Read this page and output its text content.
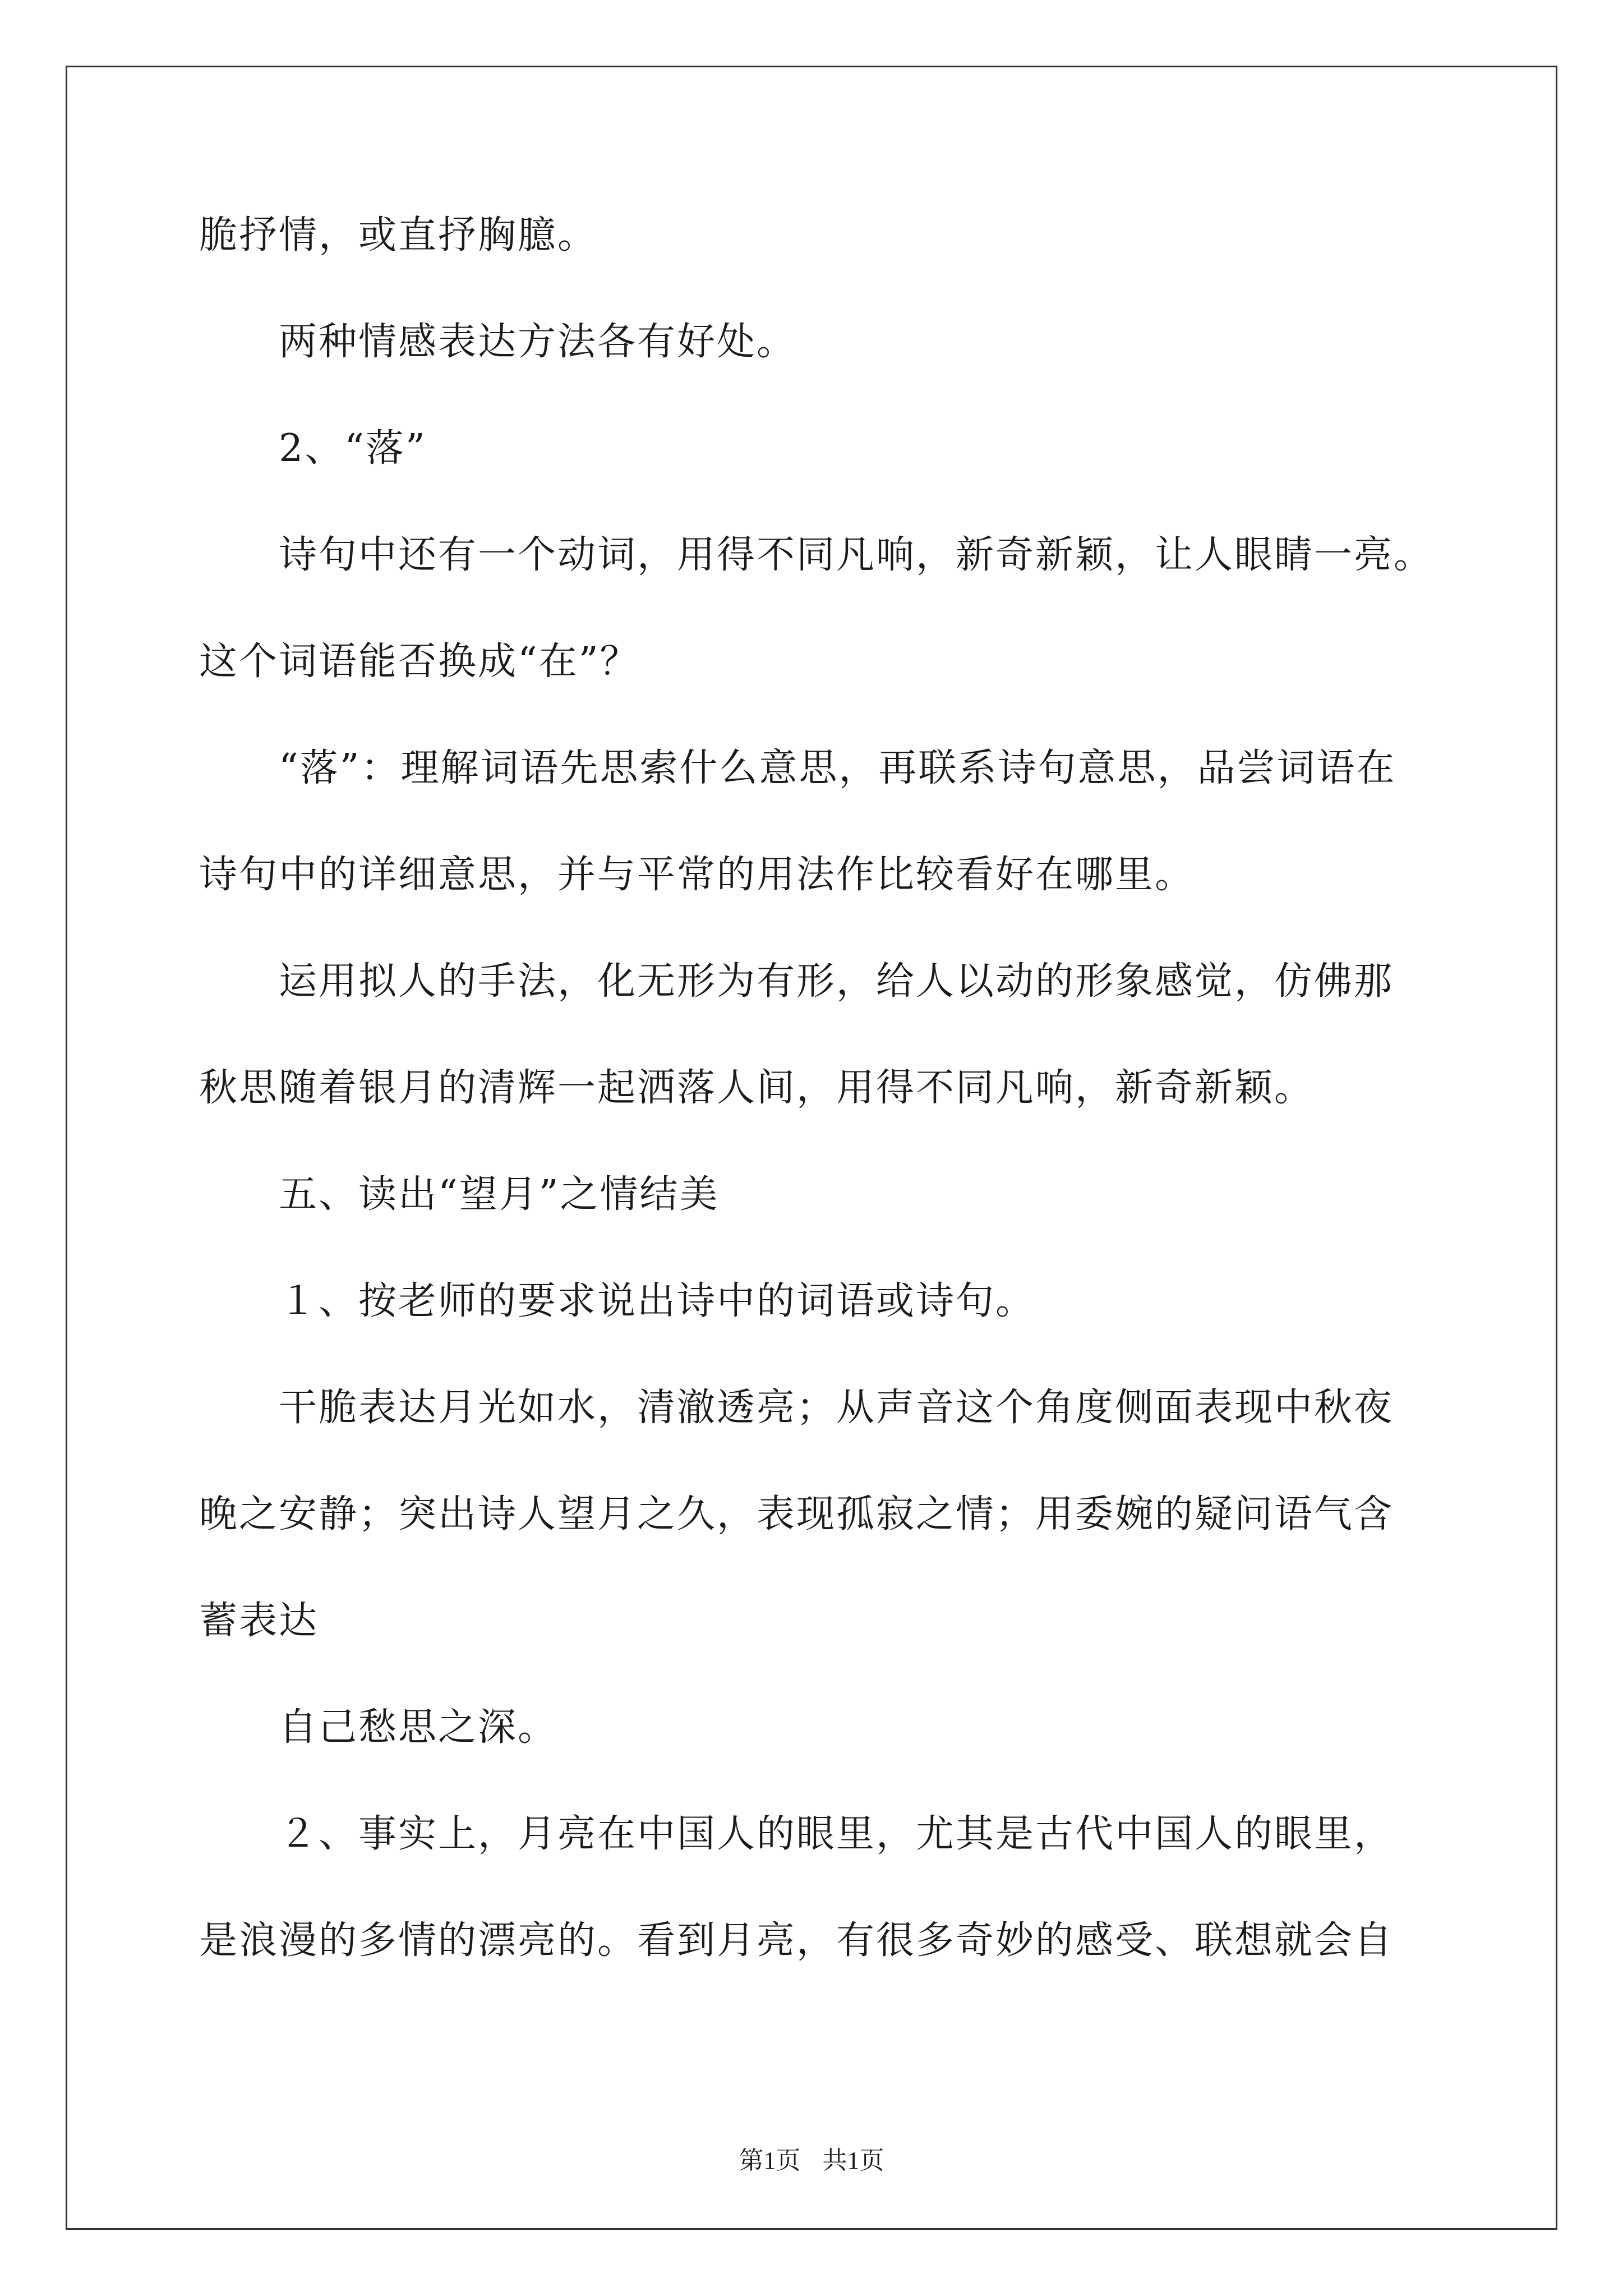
脆抒情，或直抒胸臆。
　　两种情感表达方法各有好处。
　　2、“落”
　　诗句中还有一个动词，用得不同凡响，新奇新颖，让人眼睛一亮。
这个词语能否换成“在”？
　　“落”：理解词语先思索什么意思，再联系诗句意思，品尝词语在
诗句中的详细意思，并与平常的用法作比较看好在哪里。
　　运用拟人的手法，化无形为有形，给人以动的形象感觉，仿佛那
秋思随着银月的清辉一起洒落人间，用得不同凡响，新奇新颖。
　　五、读出“望月”之情结美
　　１、按老师的要求说出诗中的词语或诗句。
　　干脆表达月光如水，清澈透亮；从声音这个角度侧面表现中秋夜
晚之安静；突出诗人望月之久，表现孤寂之情；用委婉的疑问语气含
蓄表达
　　自己愁思之深。
　　２、事实上，月亮在中国人的眼里，尤其是古代中国人的眼里，
是浪漫的多情的漂亮的。看到月亮，有很多奇妙的感受、联想就会自
第1页 共1页
